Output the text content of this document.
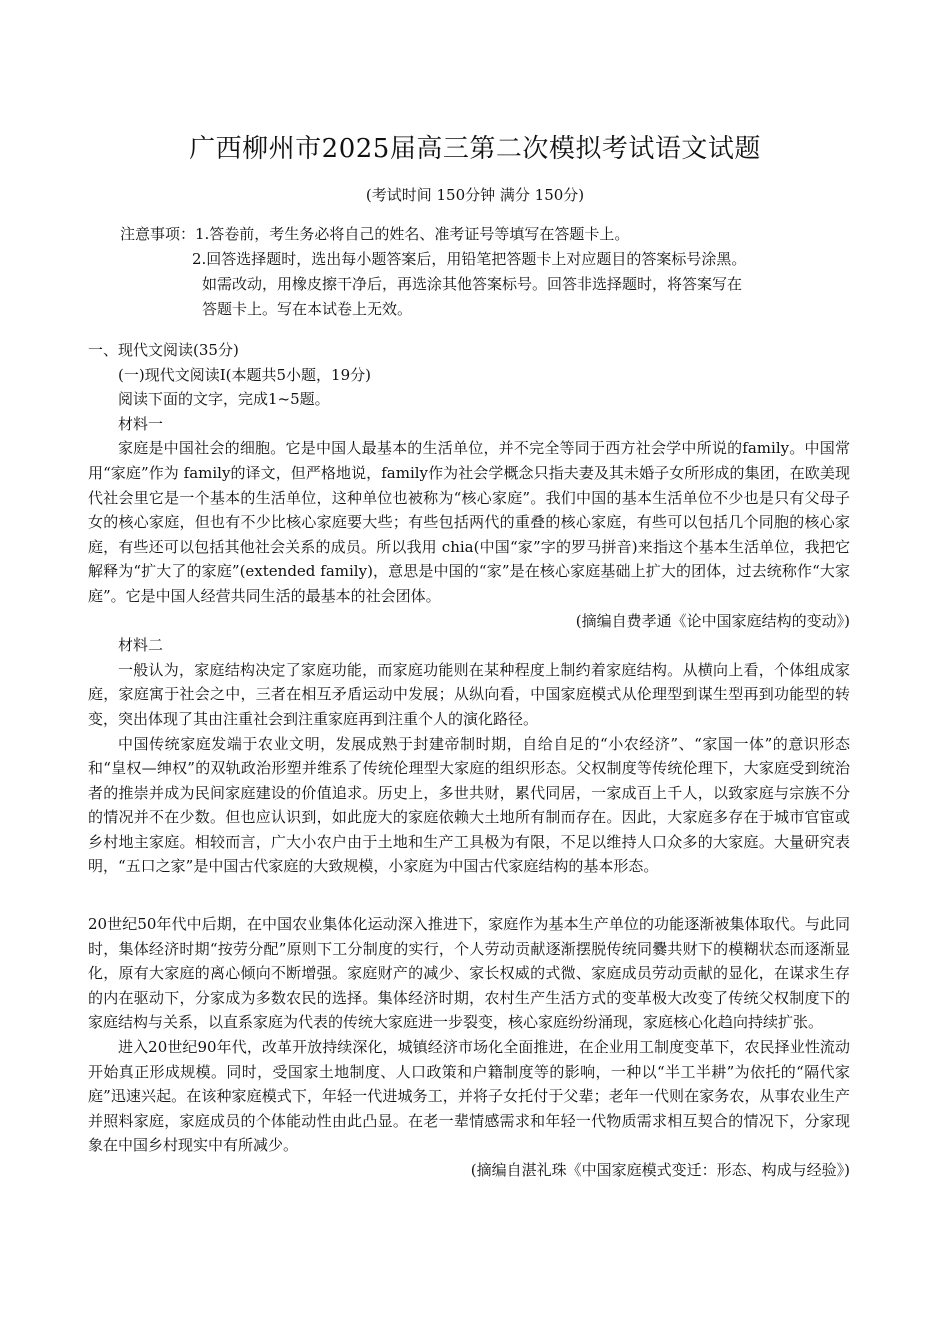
广西柳州市2025届高三第二次模拟考试语文试题
(考试时间 150分钟 满分 150分)

注意事项：1.答卷前，考生务必将自己的姓名、准考证号等填写在答题卡上。

2.回答选择题时，选出每小题答案后，用铅笔把答题卡上对应题目的答案标号涂黑。

如需改动，用橡皮擦干净后，再选涂其他答案标号。回答非选择题时，将答案写在

答题卡上。写在本试卷上无效。

一、现代文阅读(35分)

(一)现代文阅读Ⅰ(本题共5小题，19分)

阅读下面的文字，完成1~5题。

材料一

家庭是中国社会的细胞。它是中国人最基本的生活单位，并不完全等同于西方社会学中所说的family。中国常用“家庭”作为 family的译文，但严格地说，family作为社会学概念只指夫妻及其未婚子女所形成的集团，在欧美现代社会里它是一个基本的生活单位，这种单位也被称为“核心家庭”。我们中国的基本生活单位不少也是只有父母子女的核心家庭，但也有不少比核心家庭要大些；有些包括两代的重叠的核心家庭，有些可以包括几个同胞的核心家庭，有些还可以包括其他社会关系的成员。所以我用 chia(中国“家”字的罗马拼音)来指这个基本生活单位，我把它解释为“扩大了的家庭”(extended family)，意思是中国的“家”是在核心家庭基础上扩大的团体，过去统称作“大家庭”。它是中国人经营共同生活的最基本的社会团体。

(摘编自费孝通《论中国家庭结构的变动》)

材料二

一般认为，家庭结构决定了家庭功能，而家庭功能则在某种程度上制约着家庭结构。从横向上看，个体组成家庭，家庭寓于社会之中，三者在相互矛盾运动中发展；从纵向看，中国家庭模式从伦理型到谋生型再到功能型的转变，突出体现了其由注重社会到注重家庭再到注重个人的演化路径。

中国传统家庭发端于农业文明，发展成熟于封建帝制时期，自给自足的“小农经济”、“家国一体”的意识形态和“皇权—绅权”的双轨政治形塑并维系了传统伦理型大家庭的组织形态。父权制度等传统伦理下，大家庭受到统治者的推崇并成为民间家庭建设的价值追求。历史上，多世共财，累代同居，一家成百上千人，以致家庭与宗族不分的情况并不在少数。但也应认识到，如此庞大的家庭依赖大土地所有制而存在。因此，大家庭多存在于城市官宦或乡村地主家庭。相较而言，广大小农户由于土地和生产工具极为有限，不足以维持人口众多的大家庭。大量研究表明，“五口之家”是中国古代家庭的大致规模，小家庭为中国古代家庭结构的基本形态。

20世纪50年代中后期，在中国农业集体化运动深入推进下，家庭作为基本生产单位的功能逐渐被集体取代。与此同时，集体经济时期“按劳分配”原则下工分制度的实行，个人劳动贡献逐渐摆脱传统同爨共财下的模糊状态而逐渐显化，原有大家庭的离心倾向不断增强。家庭财产的减少、家长权威的式微、家庭成员劳动贡献的显化，在谋求生存的内在驱动下，分家成为多数农民的选择。集体经济时期，农村生产生活方式的变革极大改变了传统父权制度下的家庭结构与关系，以直系家庭为代表的传统大家庭进一步裂变，核心家庭纷纷涌现，家庭核心化趋向持续扩张。

进入20世纪90年代，改革开放持续深化，城镇经济市场化全面推进，在企业用工制度变革下，农民择业性流动开始真正形成规模。同时，受国家土地制度、人口政策和户籍制度等的影响，一种以“半工半耕”为依托的“隔代家庭”迅速兴起。在该种家庭模式下，年轻一代进城务工，并将子女托付于父辈；老年一代则在家务农，从事农业生产并照料家庭，家庭成员的个体能动性由此凸显。在老一辈情感需求和年轻一代物质需求相互契合的情况下，分家现象在中国乡村现实中有所减少。

(摘编自湛礼珠《中国家庭模式变迁：形态、构成与经验》)
